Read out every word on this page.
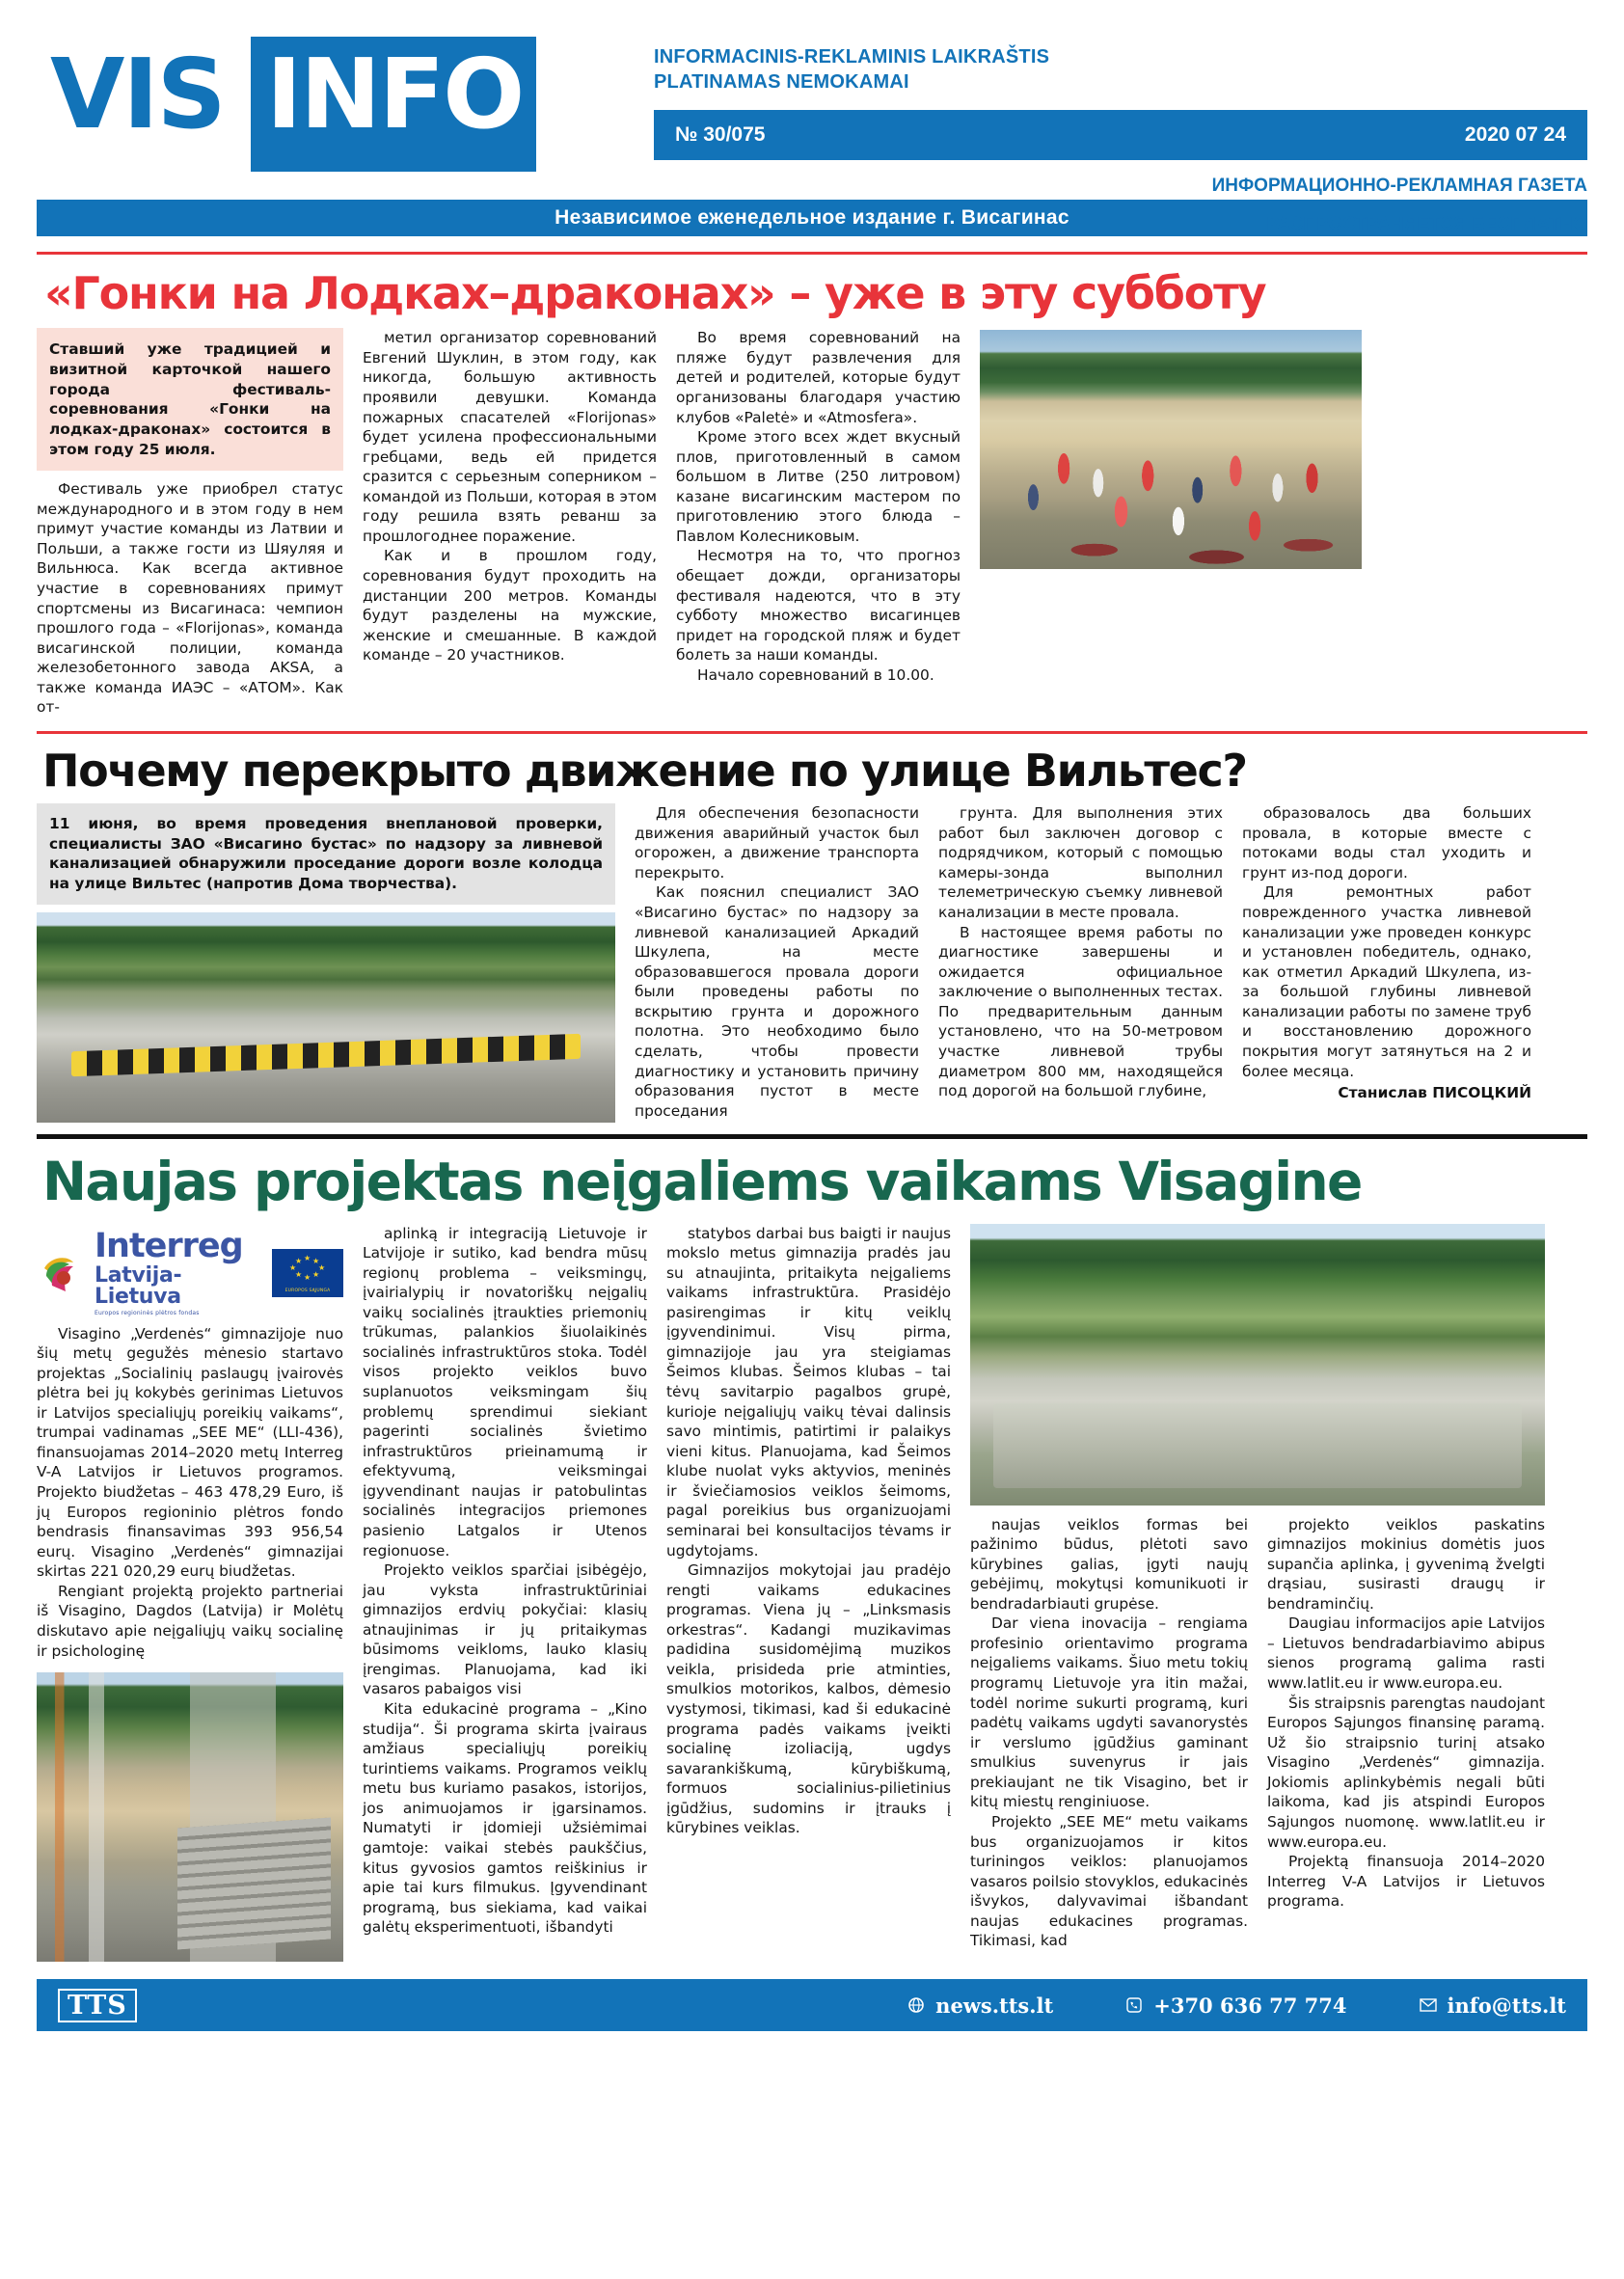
VIS INFO	INFORMACINIS-REKLAMINIS LAIKRAŠTIS
PLATINAMAS NEMOKAMAI
№ 30/075	2020 07 24
ИНФОРМАЦИОННО-РЕКЛАМНАЯ ГАЗЕТА
РАСПРОСТРАНЯЕТСЯ БЕСПЛАТНО
Независимое еженедельное издание г. Висагинас
«Гонки на Лодках–драконах» – уже в эту субботу
Ставший уже традицией и визитной карточкой нашего города фестиваль-соревнования «Гонки на лодках-драконах» состоится в этом году 25 июля.

Фестиваль уже приобрел статус международного и в этом году в нем примут участие команды из Латвии и Польши, а также гости из Шяуляя и Вильнюса. Как всегда активное участие в соревнованиях примут спортсмены из Висагинаса: чемпион прошлого года – «Florijonas», команда висагинской полиции, команда железобетонного завода AKSA, а также команда ИАЭС – «АТОМ». Как от-

метил организатор соревнований Евгений Шуклин, в этом году, как никогда, большую активность проявили девушки. Команда пожарных спасателей «Florijonas» будет усилена профессиональными гребцами, ведь ей придется сразится с серьезным соперником – командой из Польши, которая в этом году решила взять реванш за прошлогоднее поражение.

Как и в прошлом году, соревнования будут проходить на дистанции 200 метров. Команды будут разделены на мужские, женские и смешанные. В каждой команде – 20 участников.

Во время соревнований на пляже будут развлечения для детей и родителей, которые будут организованы благодаря участию клубов «Paletė» и «Atmosfera».

Кроме этого всех ждет вкусный плов, приготовленный в самом большом в Литве (250 литровом) казане висагинским мастером по приготовлению этого блюда – Павлом Колесниковым.

Несмотря на то, что прогноз обещает дожди, организаторы фестиваля надеются, что в эту субботу множество висагинцев придет на городской пляж и будет болеть за наши команды.

Начало соревнований в 10.00.

Почему перекрыто движение по улице Вильтес?
11 июня, во время проведения внеплановой проверки, специалисты ЗАО «Висагино бустас» по надзору за ливневой канализацией обнаружили проседание дороги возле колодца на улице Вильтес (напротив Дома творчества).

Для обеспечения безопасности движения аварийный участок был огорожен, а движение транспорта перекрыто.

Как пояснил специалист ЗАО «Висагино бустас» по надзору за ливневой канализацией Аркадий Шкулепа, на месте образовавшегося провала дороги были проведены работы по вскрытию грунта и дорожного полотна. Это необходимо было сделать, чтобы провести диагностику и установить причину образования пустот в месте проседания

грунта. Для выполнения этих работ был заключен договор с подрядчиком, который с помощью камеры-зонда выполнил телеметрическую съемку ливневой канализации в месте провала.

В настоящее время работы по диагностике завершены и ожидается официальное заключение о выполненных тестах. По предварительным данным установлено, что на 50-метровом участке ливневой трубы диаметром 800 мм, находящейся под дорогой на большой глубине,

образовалось два больших провала, в которые вместе с потоками воды стал уходить и грунт из-под дороги.

Для ремонтных работ поврежденного участка ливневой канализации уже проведен конкурс и установлен победитель, однако, как отметил Аркадий Шкулепа, из-за большой глубины ливневой канализации работы по замене труб и восстановлению дорожного покрытия могут затянуться на 2 и более месяца.

Станислав ПИСОЦКИЙ

Naujas projektas neįgaliems vaikams Visagine
Interreg
Latvija-Lietuva
Europos regioninės plėtros fondas
★ ★
★
★
★
★
★
★
EUROPOS SĄJUNGA

Visagino „Verdenės“ gimnazijoje nuo šių metų gegužės mėnesio startavo projektas „Socialinių paslaugų įvairovės plėtra bei jų kokybės gerinimas Lietuvos ir Latvijos specialiųjų poreikių vaikams“, trumpai vadinamas „SEE ME“ (LLI-436), finansuojamas 2014–2020 metų Interreg V-A Latvijos ir Lietuvos programos. Projekto biudžetas – 463 478,29 Euro, iš jų Europos regioninio plėtros fondo bendrasis finansavimas 393 956,54 eurų. Visagino „Verdenės“ gimnazijai skirtas 221 020,29 eurų biudžetas.

Rengiant projektą projekto partneriai iš Visagino, Dagdos (Latvija) ir Molėtų diskutavo apie neįgaliųjų vaikų socialinę ir psichologinę

aplinką ir integraciją Lietuvoje ir Latvijoje ir sutiko, kad bendra mūsų regionų problema – veiksmingų, įvairialypių ir novatoriškų neįgalių vaikų socialinės įtraukties priemonių trūkumas, palankios šiuolaikinės socialinės infrastruktūros stoka. Todėl visos projekto veiklos buvo suplanuotos veiksmingam šių problemų sprendimui siekiant pagerinti socialinės švietimo infrastruktūros prieinamumą ir efektyvumą, veiksmingai įgyvendinant naujas ir patobulintas socialinės integracijos priemones pasienio Latgalos ir Utenos regionuose.

Projekto veiklos sparčiai įsibėgėjo, jau vyksta infrastruktūriniai gimnazijos erdvių pokyčiai: klasių atnaujinimas ir jų pritaikymas būsimoms veikloms, lauko klasių įrengimas. Planuojama, kad iki vasaros pabaigos visi

Kita edukacinė programa – „Kino studija“. Ši programa skirta įvairaus amžiaus specialiųjų poreikių turintiems vaikams. Programos veiklų metu bus kuriamo pasakos, istorijos, jos animuojamos ir įgarsinamos. Numatyti ir įdomieji užsiėmimai gamtoje: vaikai stebės paukščius, kitus gyvosios gamtos reiškinius ir apie tai kurs filmukus. Įgyvendinant programą, bus siekiama, kad vaikai galėtų eksperimentuoti, išbandyti

statybos darbai bus baigti ir naujus mokslo metus gimnazija pradės jau su atnaujinta, pritaikyta neįgaliems vaikams infrastruktūra. Prasidėjo pasirengimas ir kitų veiklų įgyvendinimui. Visų pirma, gimnazijoje jau yra steigiamas Šeimos klubas. Šeimos klubas – tai tėvų savitarpio pagalbos grupė, kurioje neįgaliųjų vaikų tėvai dalinsis savo mintimis, patirtimi ir palaikys vieni kitus. Planuojama, kad Šeimos klube nuolat vyks aktyvios, meninės ir šviečiamosios veiklos šeimoms, pagal poreikius bus organizuojami seminarai bei konsultacijos tėvams ir ugdytojams.

Gimnazijos mokytojai jau pradėjo rengti vaikams edukacines programas. Viena jų – „Linksmasis orkestras“. Kadangi muzikavimas padidina susidomėjimą muzikos veikla, prisideda prie atminties, smulkios motorikos, kalbos, dėmesio vystymosi, tikimasi, kad ši edukacinė programa padės vaikams įveikti socialinę izoliaciją, ugdys savarankiškumą, kūrybiškumą, formuos socialinius-pilietinius įgūdžius, sudomins ir įtrauks į kūrybines veiklas.

naujas veiklos formas bei pažinimo būdus, plėtoti savo kūrybines galias, įgyti naujų gebėjimų, mokytųsi komunikuoti ir bendradarbiauti grupėse.

Dar viena inovacija – rengiama profesinio orientavimo programa neįgaliems vaikams. Šiuo metu tokių programų Lietuvoje yra itin mažai, todėl norime sukurti programą, kuri padėtų vaikams ugdyti savanorystės ir verslumo įgūdžius gaminant smulkius suvenyrus ir jais prekiaujant ne tik Visagino, bet ir kitų miestų renginiuose.

Projekto „SEE ME“ metu vaikams bus organizuojamos ir kitos turiningos veiklos: planuojamos vasaros poilsio stovyklos, edukacinės išvykos, dalyvavimai išbandant naujas edukacines programas. Tikimasi, kad

projekto veiklos paskatins gimnazijos mokinius domėtis juos supančia aplinka, į gyvenimą žvelgti drąsiau, susirasti draugų ir bendraminčių.

Daugiau informacijos apie Latvijos – Lietuvos bendradarbiavimo abipus sienos programą galima rasti www.latlit.eu ir www.europa.eu.

Šis straipsnis parengtas naudojant Europos Sąjungos finansinę paramą. Už šio straipsnio turinį atsako Visagino „Verdenės“ gimnazija. Jokiomis aplinkybėmis negali būti laikoma, kad jis atspindi Europos Sąjungos nuomonę. www.latlit.eu ir www.europa.eu.

Projektą finansuoja 2014–2020 Interreg V-A Latvijos ir Lietuvos programa.

TTS	news.tts.lt	+370 636 77 774	info@tts.lt
